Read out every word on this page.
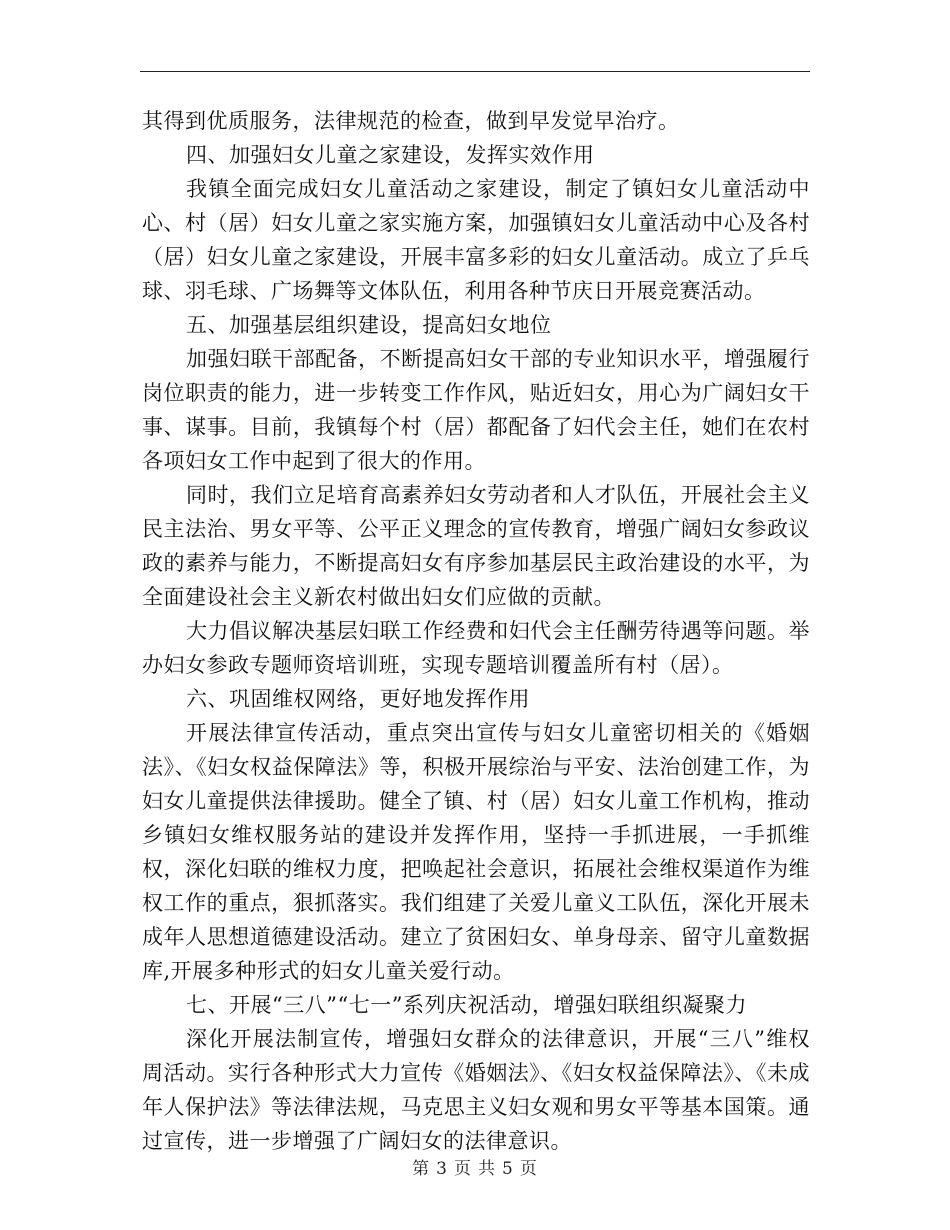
其得到优质服务，法律规范的检查，做到早发觉早治疗。

四、加强妇女儿童之家建设，发挥实效作用

我镇全面完成妇女儿童活动之家建设，制定了镇妇女儿童活动中心、村（居）妇女儿童之家实施方案，加强镇妇女儿童活动中心及各村（居）妇女儿童之家建设，开展丰富多彩的妇女儿童活动。成立了乒乓球、羽毛球、广场舞等文体队伍，利用各种节庆日开展竞赛活动。

五、加强基层组织建设，提高妇女地位

加强妇联干部配备，不断提高妇女干部的专业知识水平，增强履行岗位职责的能力，进一步转变工作作风，贴近妇女，用心为广阔妇女干事、谋事。目前，我镇每个村（居）都配备了妇代会主任，她们在农村各项妇女工作中起到了很大的作用。

同时，我们立足培育高素养妇女劳动者和人才队伍，开展社会主义民主法治、男女平等、公平正义理念的宣传教育，增强广阔妇女参政议政的素养与能力，不断提高妇女有序参加基层民主政治建设的水平，为全面建设社会主义新农村做出妇女们应做的贡献。

大力倡议解决基层妇联工作经费和妇代会主任酬劳待遇等问题。举办妇女参政专题师资培训班，实现专题培训覆盖所有村（居）。

六、巩固维权网络，更好地发挥作用

开展法律宣传活动，重点突出宣传与妇女儿童密切相关的《婚姻法》、《妇女权益保障法》等，积极开展综治与平安、法治创建工作，为妇女儿童提供法律援助。健全了镇、村（居）妇女儿童工作机构，推动乡镇妇女维权服务站的建设并发挥作用，坚持一手抓进展，一手抓维权，深化妇联的维权力度，把唤起社会意识，拓展社会维权渠道作为维权工作的重点，狠抓落实。我们组建了关爱儿童义工队伍，深化开展未成年人思想道德建设活动。建立了贫困妇女、单身母亲、留守儿童数据库,开展多种形式的妇女儿童关爱行动。

七、开展“三八”“七一”系列庆祝活动，增强妇联组织凝聚力

深化开展法制宣传，增强妇女群众的法律意识，开展“三八”维权周活动。实行各种形式大力宣传《婚姻法》、《妇女权益保障法》、《未成年人保护法》等法律法规，马克思主义妇女观和男女平等基本国策。通过宣传，进一步增强了广阔妇女的法律意识。

第 3 页 共 5 页
